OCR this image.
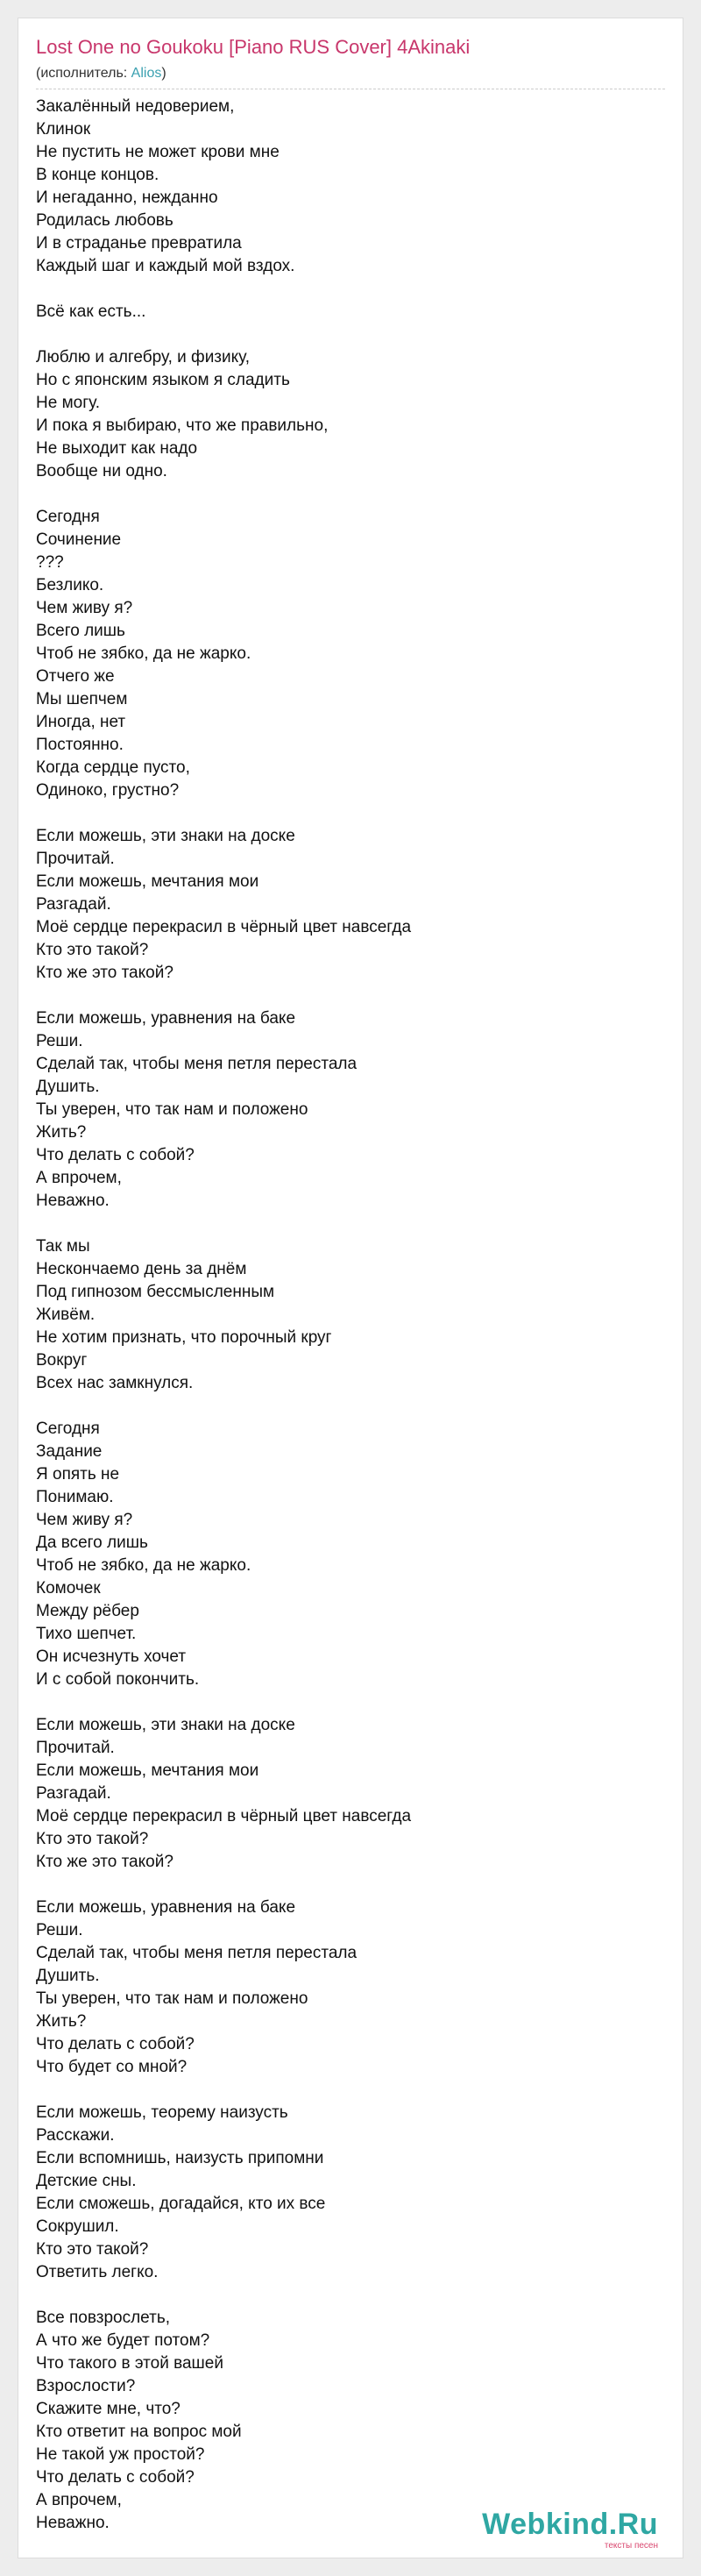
Lost One no Goukoku [Piano RUS Cover] 4Akinaki
(исполнитель: Alios)
Закалённый недоверием,
Клинок
Не пустить не может крови мне
В конце концов.
И негаданно, нежданно
Родилась любовь
И в страданье превратила
Каждый шаг и каждый мой вздох.
Всё как есть...
Люблю и алгебру, и физику,
Но с японским языком я сладить
Не могу.
И пока я выбираю, что же правильно,
Не выходит как надо
Вообще ни одно.
Сегодня
Сочинение
???
Безлико.
Чем живу я?
Всего лишь
Чтоб не зябко, да не жарко.
Отчего же
Мы шепчем
Иногда, нет
Постоянно.
Когда сердце пусто,
Одиноко, грустно?
Если можешь, эти знаки на доске
Прочитай.
Если можешь, мечтания мои
Разгадай.
Моё сердце перекрасил в чёрный цвет навсегда
Кто это такой?
Кто же это такой?
Если можешь, уравнения на баке
Реши.
Сделай так, чтобы меня петля перестала
Душить.
Ты уверен, что так нам и положено
Жить?
Что делать с собой?
А впрочем,
Неважно.
Так мы
Нескончаемо день за днём
Под гипнозом бессмысленным
Живём.
Не хотим признать, что порочный круг
Вокруг
Всех нас замкнулся.
Сегодня
Задание
Я опять не
Понимаю.
Чем живу я?
Да всего лишь
Чтоб не зябко, да не жарко.
Комочек
Между рёбер
Тихо шепчет.
Он исчезнуть хочет
И с собой покончить.
Если можешь, эти знаки на доске
Прочитай.
Если можешь, мечтания мои
Разгадай.
Моё сердце перекрасил в чёрный цвет навсегда
Кто это такой?
Кто же это такой?
Если можешь, уравнения на баке
Реши.
Сделай так, чтобы меня петля перестала
Душить.
Ты уверен, что так нам и положено
Жить?
Что делать с собой?
Что будет со мной?
Если можешь, теорему наизусть
Расскажи.
Если вспомнишь, наизусть припомни
Детские сны.
Если сможешь, догадайся, кто их все
Сокрушил.
Кто это такой?
Ответить легко.
Все повзрослеть,
А что же будет потом?
Что такого в этой вашей
Взрослости?
Скажите мне, что?
Кто ответит на вопрос мой
Не такой уж простой?
Что делать с собой?
А впрочем,
Неважно.	Webkind.Ru
тексты песен
